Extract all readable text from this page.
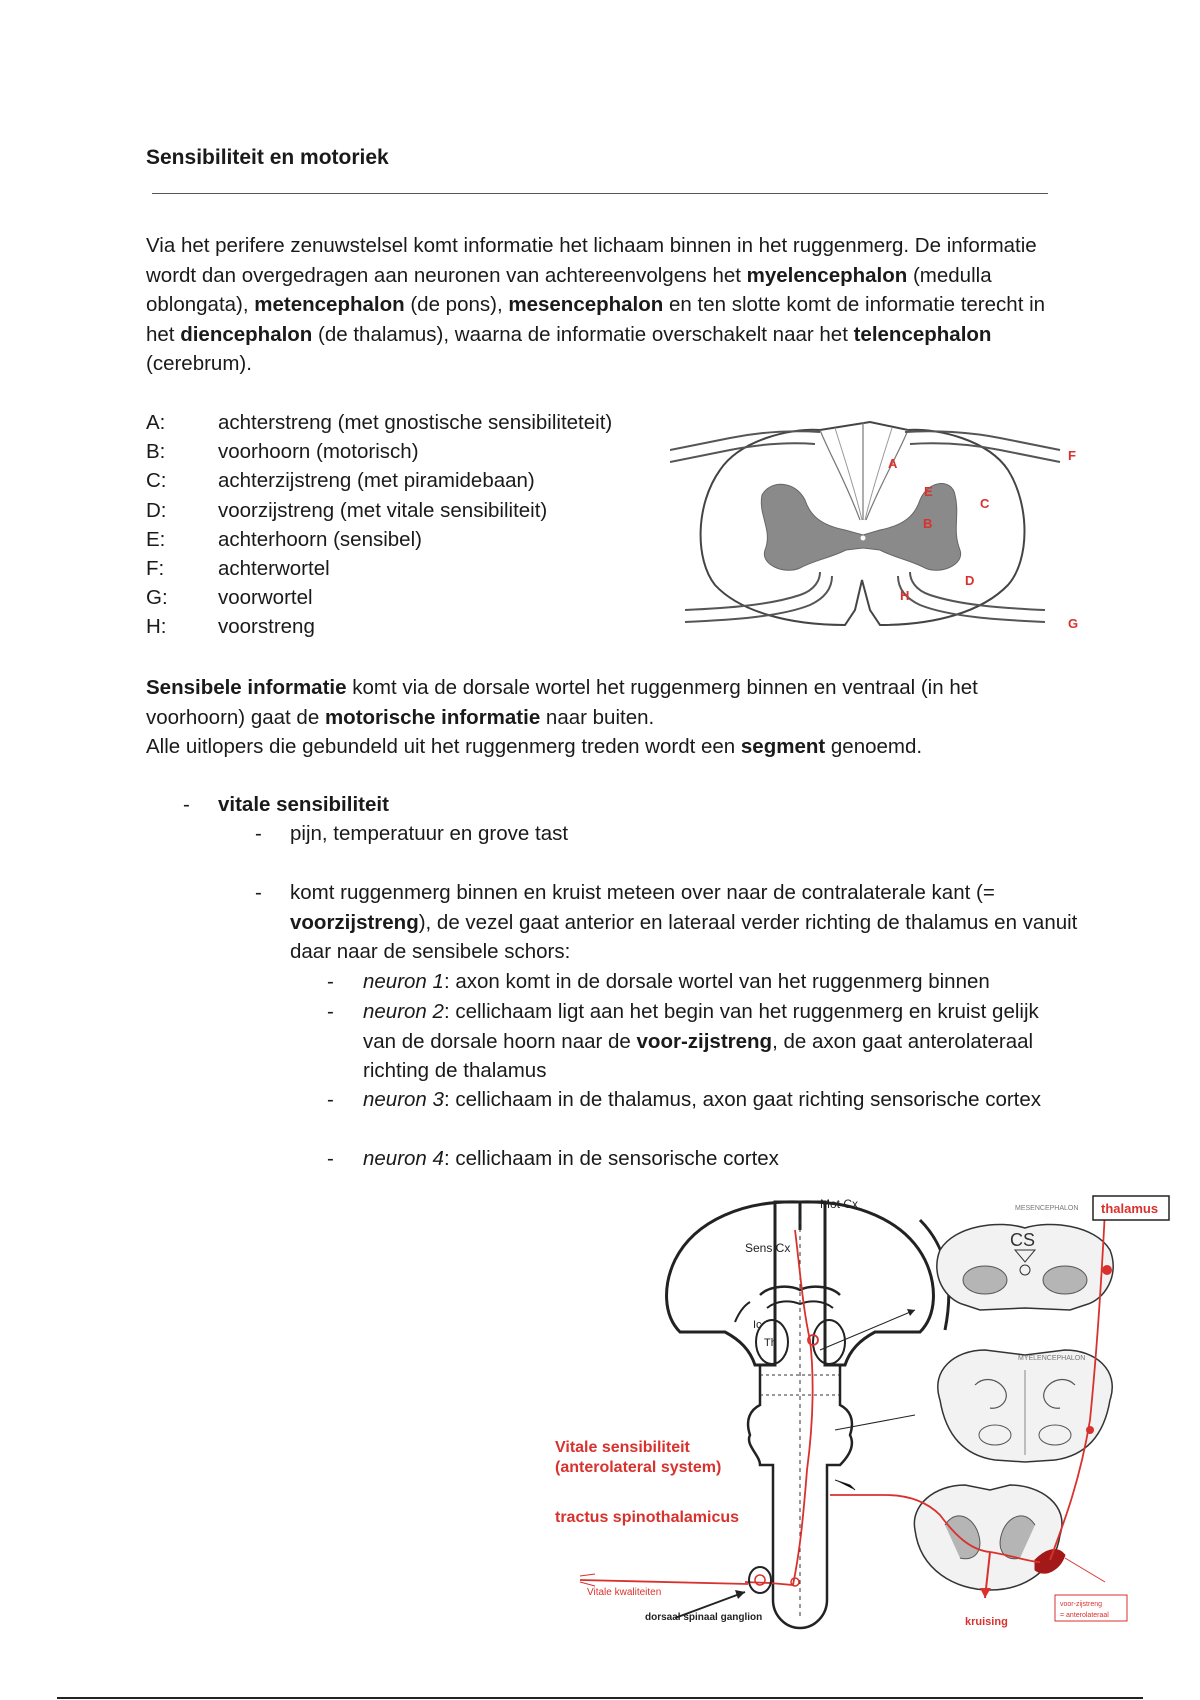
Sensibiliteit en motoriek
Via het perifere zenuwstelsel komt informatie het lichaam binnen in het ruggenmerg. De informatie wordt dan overgedragen aan neuronen van achtereenvolgens het myelencephalon (medulla oblongata), metencephalon (de pons), mesencephalon en ten slotte komt de informatie terecht in het diencephalon (de thalamus), waarna de informatie overschakelt naar het telencephalon (cerebrum).
A:	achterstreng (met gnostische sensibiliteteit)
B:	voorhoorn (motorisch)
C:	achterzijstreng (met piramidebaan)
D:	voorzijstreng (met vitale sensibiliteit)
E:	achterhoorn (sensibel)
F:	achterwortel
G:	voorwortel
H:	voorstreng
A
B
C
D
E
F
G
H
Sensibele informatie komt via de dorsale wortel het ruggenmerg binnen en ventraal (in het voorhoorn) gaat de motorische informatie naar buiten.
Alle uitlopers die gebundeld uit het ruggenmerg treden wordt een segment genoemd.
- vitale sensibiliteit
- pijn, temperatuur en grove tast
- komt ruggenmerg binnen en kruist meteen over naar de contralaterale kant (= voorzijstreng), de vezel gaat anterior en lateraal verder richting de thalamus en vanuit daar naar de sensibele schors:
- neuron 1: axon komt in de dorsale wortel van het ruggenmerg binnen
- neuron 2: cellichaam ligt aan het begin van het ruggenmerg en kruist gelijk van de dorsale hoorn naar de voor-zijstreng, de axon gaat anterolateraal richting de thalamus
- neuron 3: cellichaam in de thalamus, axon gaat richting sensorische cortex
- neuron 4: cellichaam in de sensorische cortex
Mot Cx
Sens Cx
Ic
Th
thalamus
MESENCEPHALON
MYELENCEPHALON
CS
Vitale sensibiliteit
(anterolateral system)
tractus spinothalamicus
Vitale kwaliteiten
dorsaal spinaal ganglion	kruising
voor-zijstreng
= anterolateraal
